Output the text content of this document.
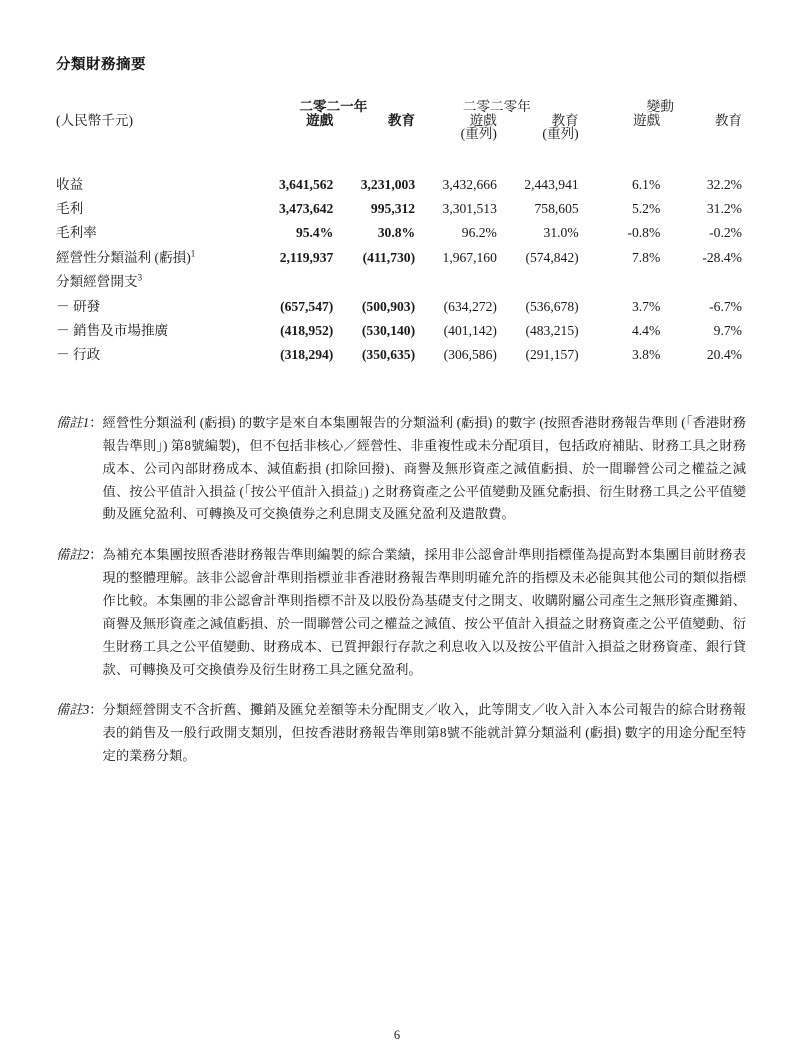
分類財務摘要
	二零二一年		二零二零年		變動	
(人民幣千元)	遊戲	教育	遊戲	教育	遊戲	教育
			(重列)	(重列)		

收益	3,641,562	3,231,003	3,432,666	2,443,941	6.1%	32.2%
毛利	3,473,642	995,312	3,301,513	758,605	5.2%	31.2%
毛利率	95.4%	30.8%	96.2%	31.0%	-0.8%	-0.2%
經營性分類溢利 (虧損)$^1$	2,119,937	(411,730)	1,967,160	(574,842)	7.8%	-28.4%
分類經營開支$^3$						
－ 研發	(657,547)	(500,903)	(634,272)	(536,678)	3.7%	-6.7%
－ 銷售及市場推廣	(418,952)	(530,140)	(401,142)	(483,215)	4.4%	9.7%
－ 行政	(318,294)	(350,635)	(306,586)	(291,157)	3.8%	20.4%
備註1 ： 經營性分類溢利 (虧損) 的數字是來自本集團報告的分類溢利 (虧損) 的數字 (按照香港財務報告準則 (「香港財務報告準則」) 第8號編製)，但不包括非核心／經營性、非重複性或未分配項目，包括政府補貼、財務工具之財務成本、公司內部財務成本、減值虧損 (扣除回撥)、商譽及無形資產之減值虧損、於一間聯營公司之權益之減值、按公平值計入損益 (「按公平值計入損益」) 之財務資產之公平值變動及匯兌虧損、衍生財務工具之公平值變動及匯兌盈利、可轉換及可交換債券之利息開支及匯兌盈利及遣散費。
備註2 ： 為補充本集團按照香港財務報告準則編製的綜合業績，採用非公認會計準則指標僅為提高對本集團目前財務表現的整體理解。該非公認會計準則指標並非香港財務報告準則明確允許的指標及未必能與其他公司的類似指標作比較。本集團的非公認會計準則指標不計及以股份為基礎支付之開支、收購附屬公司產生之無形資產攤銷、商譽及無形資產之減值虧損、於一間聯營公司之權益之減值、按公平值計入損益之財務資產之公平值變動、衍生財務工具之公平值變動、財務成本、已質押銀行存款之利息收入以及按公平值計入損益之財務資產、銀行貸款、可轉換及可交換債券及衍生財務工具之匯兌盈利。
備註3 ： 分類經營開支不含折舊、攤銷及匯兌差額等未分配開支／收入，此等開支／收入計入本公司報告的綜合財務報表的銷售及一般行政開支類別，但按香港財務報告準則第8號不能就計算分類溢利 (虧損) 數字的用途分配至特定的業務分類。
6
